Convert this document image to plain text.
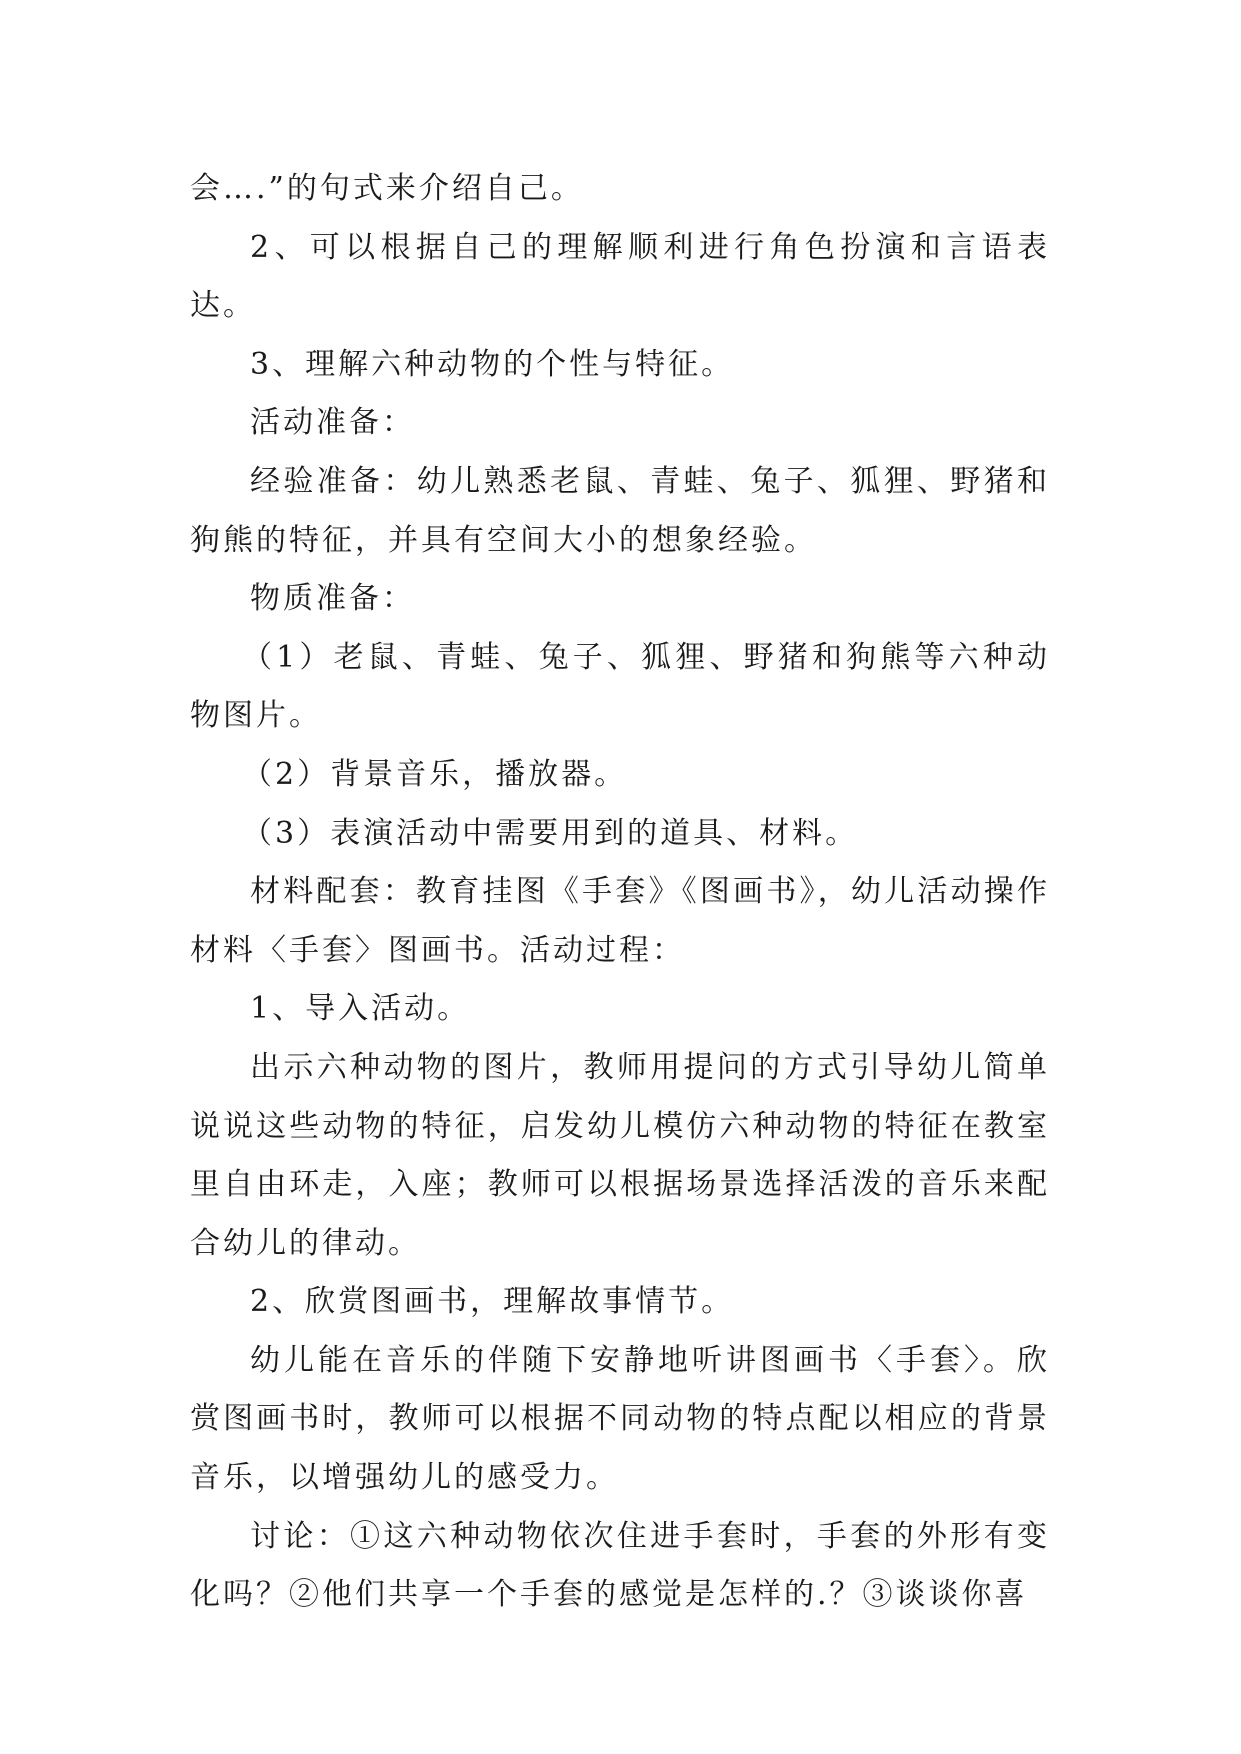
会….”的句式来介绍自己。

2、可以根据自己的理解顺利进行角色扮演和言语表达。

3、理解六种动物的个性与特征。

活动准备：

经验准备：幼儿熟悉老鼠、青蛙、兔子、狐狸、野猪和狗熊的特征，并具有空间大小的想象经验。

物质准备：

（1）老鼠、青蛙、兔子、狐狸、野猪和狗熊等六种动物图片。

（2）背景音乐，播放器。

（3）表演活动中需要用到的道具、材料。

材料配套：教育挂图《手套》《图画书》，幼儿活动操作材料〈手套〉图画书。活动过程：

1、导入活动。

出示六种动物的图片，教师用提问的方式引导幼儿简单说说这些动物的特征，启发幼儿模仿六种动物的特征在教室里自由环走，入座；教师可以根据场景选择活泼的音乐来配合幼儿的律动。

2、欣赏图画书，理解故事情节。

幼儿能在音乐的伴随下安静地听讲图画书〈手套〉。欣赏图画书时，教师可以根据不同动物的特点配以相应的背景音乐，以增强幼儿的感受力。

讨论：①这六种动物依次住进手套时，手套的外形有变化吗？②他们共享一个手套的感觉是怎样的.？③谈谈你喜
